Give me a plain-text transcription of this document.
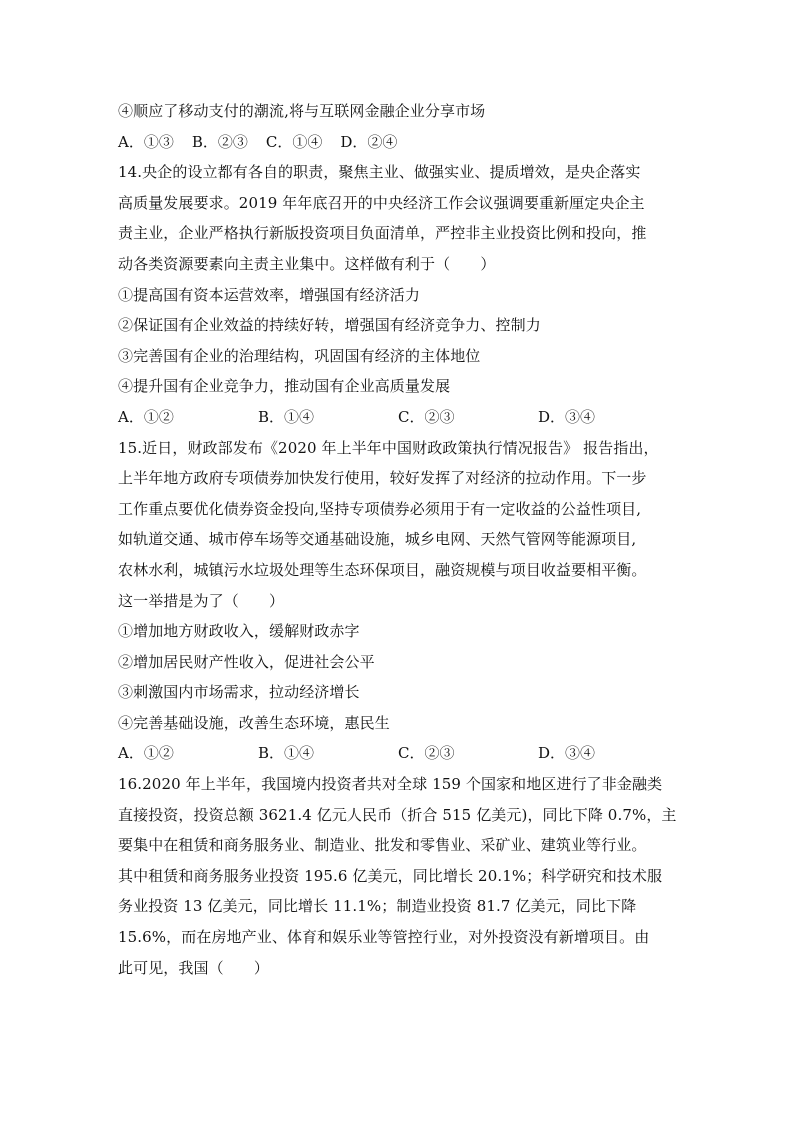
④顺应了移动支付的潮流,将与互联网金融企业分享市场
A．①③ B．②③ C．①④ D．②④
14.央企的设立都有各自的职责，聚焦主业、做强实业、提质增效，是央企落实
高质量发展要求。2019 年年底召开的中央经济工作会议强调要重新厘定央企主
责主业，企业严格执行新版投资项目负面清单，严控非主业投资比例和投向，推
动各类资源要素向主责主业集中。这样做有利于（　　）
①提高国有资本运营效率，增强国有经济活力
②保证国有企业效益的持续好转，增强国有经济竞争力、控制力
③完善国有企业的治理结构，巩固国有经济的主体地位
④提升国有企业竞争力，推动国有企业高质量发展
A．①②	B．①④	C．②③	D．③④
15.近日，财政部发布《2020 年上半年中国财政政策执行情况报告》 报告指出，
上半年地方政府专项债券加快发行使用，较好发挥了对经济的拉动作用。下一步
工作重点要优化债券资金投向,坚持专项债券必须用于有一定收益的公益性项目,
如轨道交通、城市停车场等交通基础设施，城乡电网、天然气管网等能源项目,
农林水利，城镇污水垃圾处理等生态环保项目，融资规模与项目收益要相平衡。
这一举措是为了（　　）
①增加地方财政收入，缓解财政赤字
②增加居民财产性收入，促进社会公平
③刺激国内市场需求，拉动经济增长
④完善基础设施，改善生态环境，惠民生
A．①②	B．①④	C．②③	D．③④
16.2020 年上半年，我国境内投资者共对全球 159 个国家和地区进行了非金融类
直接投资，投资总额 3621.4 亿元人民币（折合 515 亿美元)，同比下降 0.7%，主
要集中在租赁和商务服务业、制造业、批发和零售业、采矿业、建筑业等行业。
其中租赁和商务服务业投资 195.6 亿美元，同比增长 20.1%；科学研究和技术服
务业投资 13 亿美元，同比增长 11.1%；制造业投资 81.7 亿美元，同比下降
15.6%，而在房地产业、体育和娱乐业等管控行业，对外投资没有新增项目。由
此可见，我国（　　）
